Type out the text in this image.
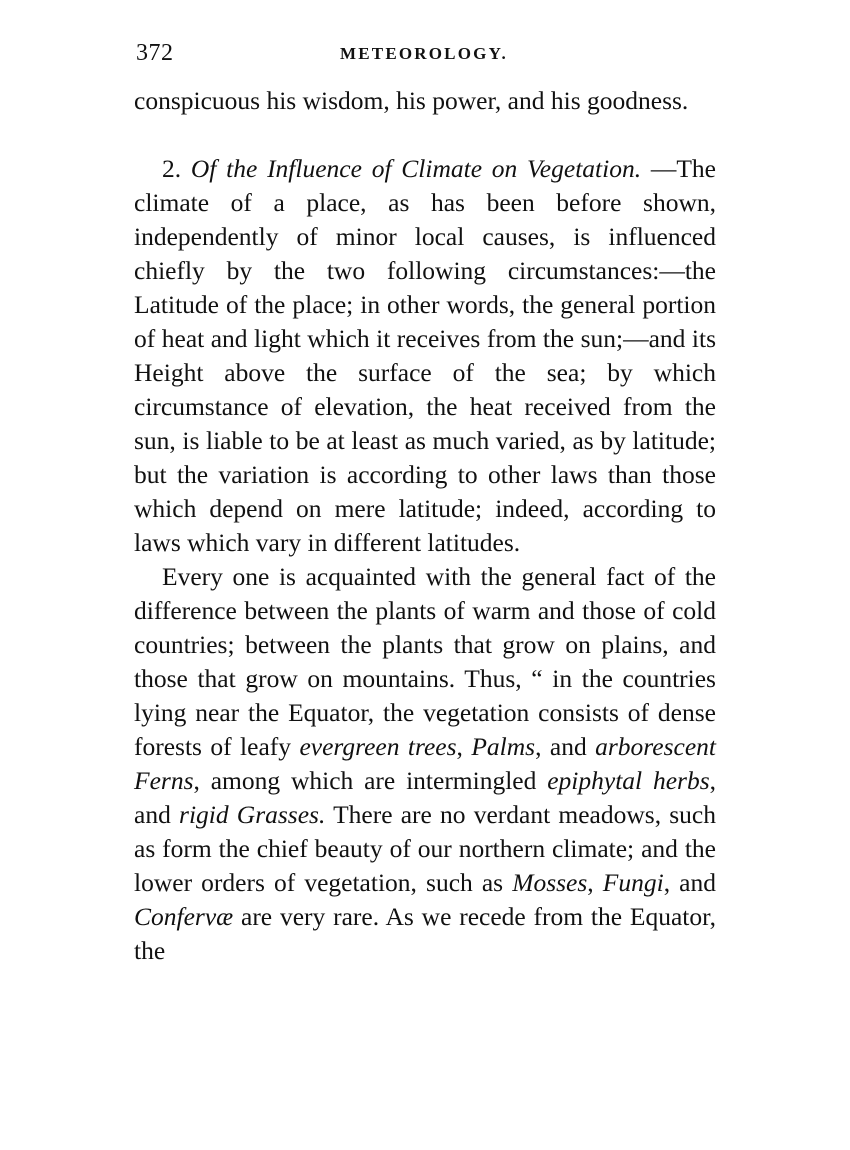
372	METEOROLOGY.

conspicuous his wisdom, his power, and his goodness.

2. Of the Influence of Climate on Vegetation. —The climate of a place, as has been before shown, independently of minor local causes, is influenced chiefly by the two following circumstances:—the Latitude of the place; in other words, the general portion of heat and light which it receives from the sun;—and its Height above the surface of the sea; by which circumstance of elevation, the heat received from the sun, is liable to be at least as much varied, as by latitude; but the variation is according to other laws than those which depend on mere latitude; indeed, according to laws which vary in different latitudes.

Every one is acquainted with the general fact of the difference between the plants of warm and those of cold countries; between the plants that grow on plains, and those that grow on mountains. Thus, “ in the countries lying near the Equator, the vegetation consists of dense forests of leafy evergreen trees, Palms, and arborescent Ferns, among which are intermingled epiphytal herbs, and rigid Grasses. There are no verdant meadows, such as form the chief beauty of our northern climate; and the lower orders of vegetation, such as Mosses, Fungi, and Confervæ are very rare. As we recede from the Equator, the
